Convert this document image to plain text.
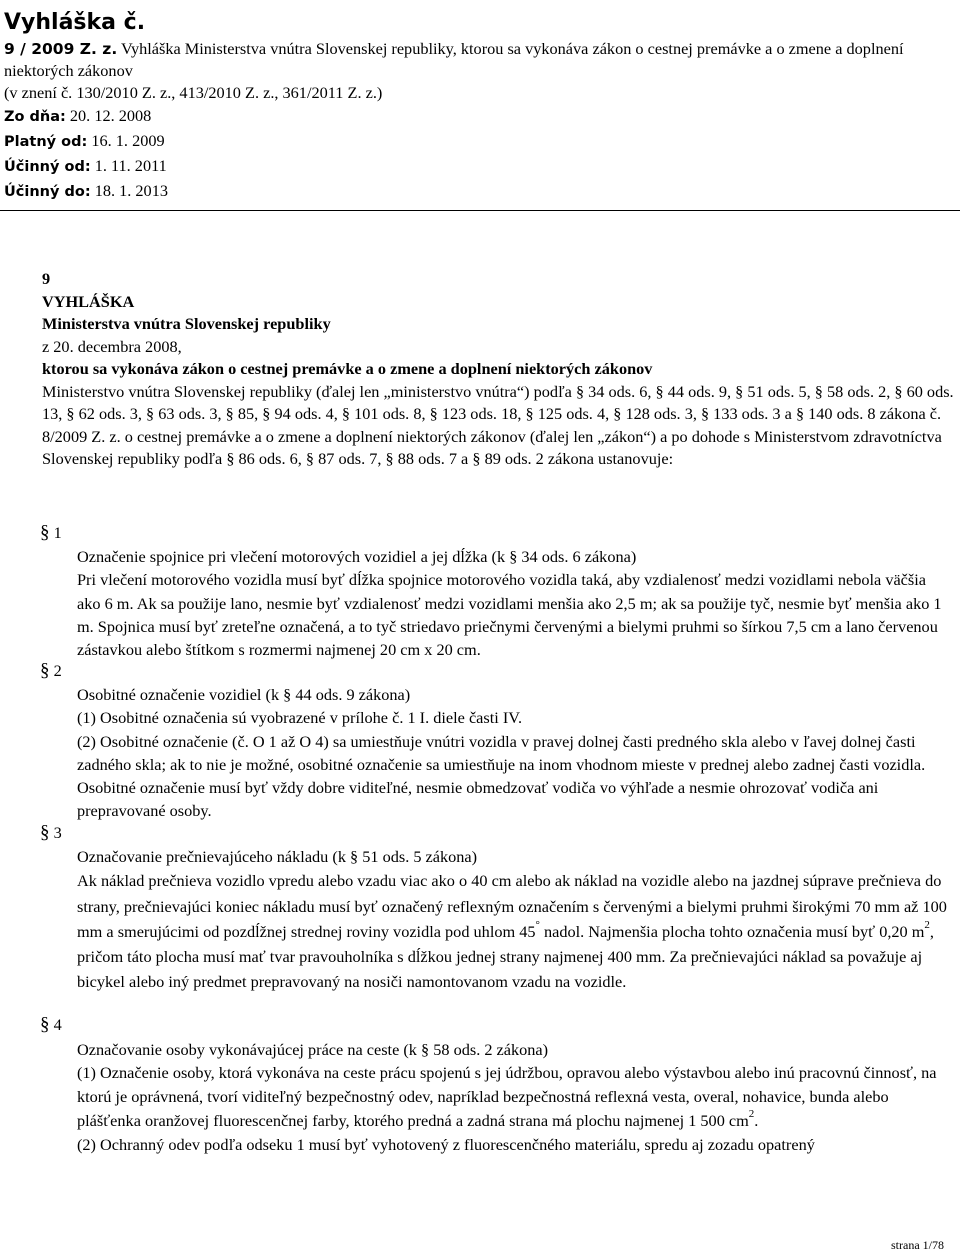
Vyhláška č.
9 / 2009 Z. z. Vyhláška Ministerstva vnútra Slovenskej republiky, ktorou sa vykonáva zákon o cestnej premávke a o zmene a doplnení niektorých zákonov
(v znení č. 130/2010 Z. z., 413/2010 Z. z., 361/2011 Z. z.)
Zo dňa: 20. 12. 2008
Platný od: 16. 1. 2009
Účinný od: 1. 11. 2011
Účinný do: 18. 1. 2013
9
VYHLÁŠKA
Ministerstva vnútra Slovenskej republiky
z 20. decembra 2008,
ktorou sa vykonáva zákon o cestnej premávke a o zmene a doplnení niektorých zákonov
Ministerstvo vnútra Slovenskej republiky (ďalej len „ministerstvo vnútra“) podľa § 34 ods. 6, § 44 ods. 9, § 51 ods. 5, § 58 ods. 2, § 60 ods. 13, § 62 ods. 3, § 63 ods. 3, § 85, § 94 ods. 4, § 101 ods. 8, § 123 ods. 18, § 125 ods. 4, § 128 ods. 3, § 133 ods. 3 a § 140 ods. 8 zákona č. 8/2009 Z. z. o cestnej premávke a o zmene a doplnení niektorých zákonov (ďalej len „zákon“) a po dohode s Ministerstvom zdravotníctva Slovenskej republiky podľa § 86 ods. 6, § 87 ods. 7, § 88 ods. 7 a § 89 ods. 2 zákona ustanovuje:
§ 1

Označenie spojnice pri vlečení motorových vozidiel a jej dĺžka (k § 34 ods. 6 zákona)

Pri vlečení motorového vozidla musí byť dĺžka spojnice motorového vozidla taká, aby vzdialenosť medzi vozidlami nebola väčšia ako 6 m. Ak sa použije lano, nesmie byť vzdialenosť medzi vozidlami menšia ako 2,5 m; ak sa použije tyč, nesmie byť menšia ako 1 m. Spojnica musí byť zreteľne označená, a to tyč striedavo priečnymi červenými a bielymi pruhmi so šírkou 7,5 cm a lano červenou zástavkou alebo štítkom s rozmermi najmenej 20 cm x 20 cm.

§ 2

Osobitné označenie vozidiel (k § 44 ods. 9 zákona)

(1) Osobitné označenia sú vyobrazené v prílohe č. 1 I. diele časti IV.

(2) Osobitné označenie (č. O 1 až O 4) sa umiestňuje vnútri vozidla v pravej dolnej časti predného skla alebo v ľavej dolnej časti zadného skla; ak to nie je možné, osobitné označenie sa umiestňuje na inom vhodnom mieste v prednej alebo zadnej časti vozidla. Osobitné označenie musí byť vždy dobre viditeľné, nesmie obmedzovať vodiča vo výhľade a nesmie ohrozovať vodiča ani prepravované osoby.

§ 3

Označovanie prečnievajúceho nákladu (k § 51 ods. 5 zákona)

Ak náklad prečnieva vozidlo vpredu alebo vzadu viac ako o 40 cm alebo ak náklad na vozidle alebo na jazdnej súprave prečnieva do strany, prečnievajúci koniec nákladu musí byť označený reflexným označením s červenými a bielymi pruhmi širokými 70 mm až 100 mm a smerujúcimi od pozdĺžnej strednej roviny vozidla pod uhlom 45° nadol. Najmenšia plocha tohto označenia musí byť 0,20 $m^2$, pričom táto plocha musí mať tvar pravouholníka s dĺžkou jednej strany najmenej 400 mm. Za prečnievajúci náklad sa považuje aj bicykel alebo iný predmet prepravovaný na nosiči namontovanom vzadu na vozidle.

§ 4

Označovanie osoby vykonávajúcej práce na ceste (k § 58 ods. 2 zákona)

(1) Označenie osoby, ktorá vykonáva na ceste prácu spojenú s jej údržbou, opravou alebo výstavbou alebo inú pracovnú činnosť, na ktorú je oprávnená, tvorí viditeľný bezpečnostný odev, napríklad bezpečnostná reflexná vesta, overal, nohavice, bunda alebo plášťenka oranžovej fluorescenčnej farby, ktorého predná a zadná strana má plochu najmenej 1 500 $cm^2$.

(2) Ochranný odev podľa odseku 1 musí byť vyhotovený z fluorescenčného materiálu, spredu aj zozadu opatrený

strana 1/78
